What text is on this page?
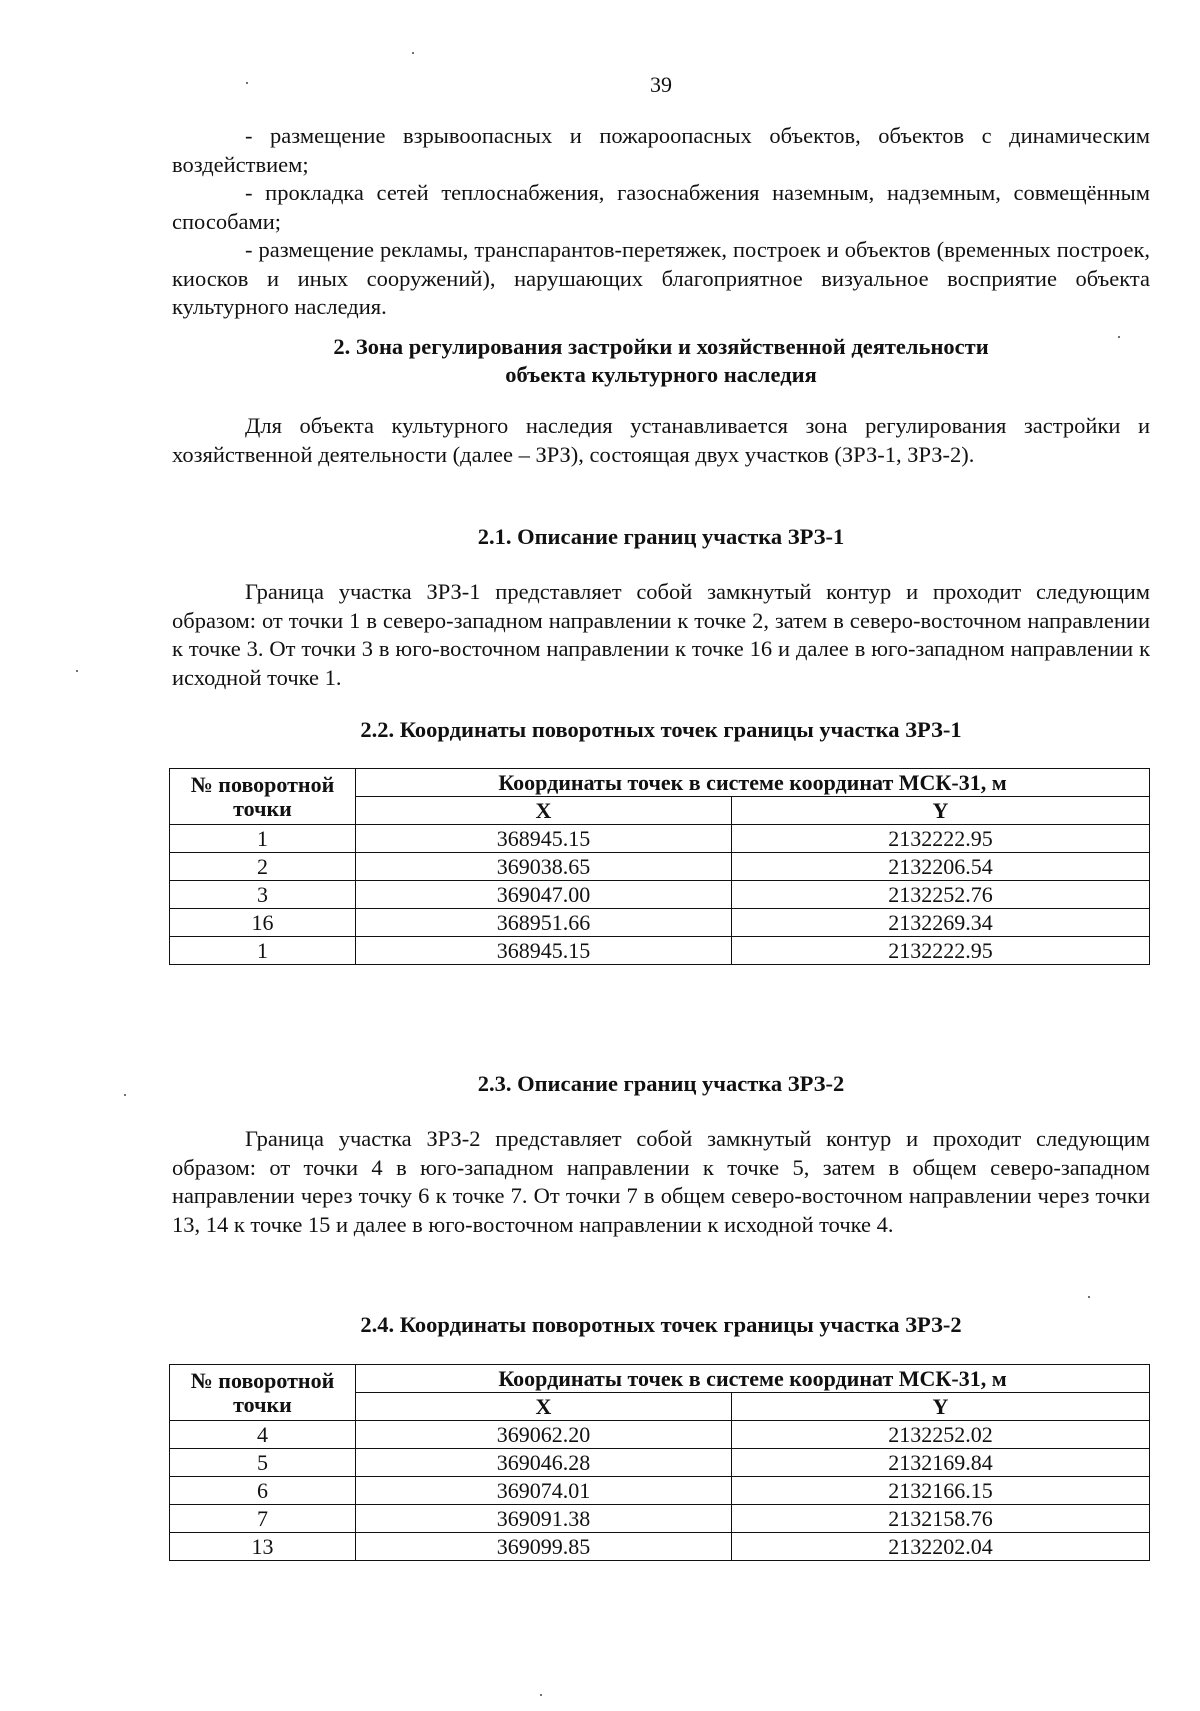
39

- размещение взрывоопасных и пожароопасных объектов, объектов с динамическим воздействием;

- прокладка сетей теплоснабжения, газоснабжения наземным, надземным, совмещённым способами;

- размещение рекламы, транспарантов-перетяжек, построек и объектов (временных построек, киосков и иных сооружений), нарушающих благоприятное визуальное восприятие объекта культурного наследия.

2. Зона регулирования застройки и хозяйственной деятельности

объекта культурного наследия

Для объекта культурного наследия устанавливается зона регулирования застройки и хозяйственной деятельности (далее – ЗРЗ), состоящая двух участков (ЗРЗ-1, ЗРЗ-2).

2.1. Описание границ участка ЗРЗ-1

Граница участка ЗРЗ-1 представляет собой замкнутый контур и проходит следующим образом: от точки 1 в северо-западном направлении к точке 2, затем в северо-восточном направлении к точке 3. От точки 3 в юго-восточном направлении к точке 16 и далее в юго-западном направлении к исходной точке 1.

2.2. Координаты поворотных точек границы участка ЗРЗ-1

№ поворотной точки	Координаты точек в системе координат МСК-31, м	
	X	Y
1	368945.15	2132222.95
2	369038.65	2132206.54
3	369047.00	2132252.76
16	368951.66	2132269.34
1	368945.15	2132222.95

2.3. Описание границ участка ЗРЗ-2

Граница участка ЗРЗ-2 представляет собой замкнутый контур и проходит следующим образом: от точки 4 в юго-западном направлении к точке 5, затем в общем северо-западном направлении через точку 6 к точке 7. От точки 7 в общем северо-восточном направлении через точки 13, 14 к точке 15 и далее в юго-восточном направлении к исходной точке 4.

2.4. Координаты поворотных точек границы участка ЗРЗ-2

№ поворотной точки	Координаты точек в системе координат МСК-31, м	
	X	Y
4	369062.20	2132252.02
5	369046.28	2132169.84
6	369074.01	2132166.15
7	369091.38	2132158.76
13	369099.85	2132202.04
